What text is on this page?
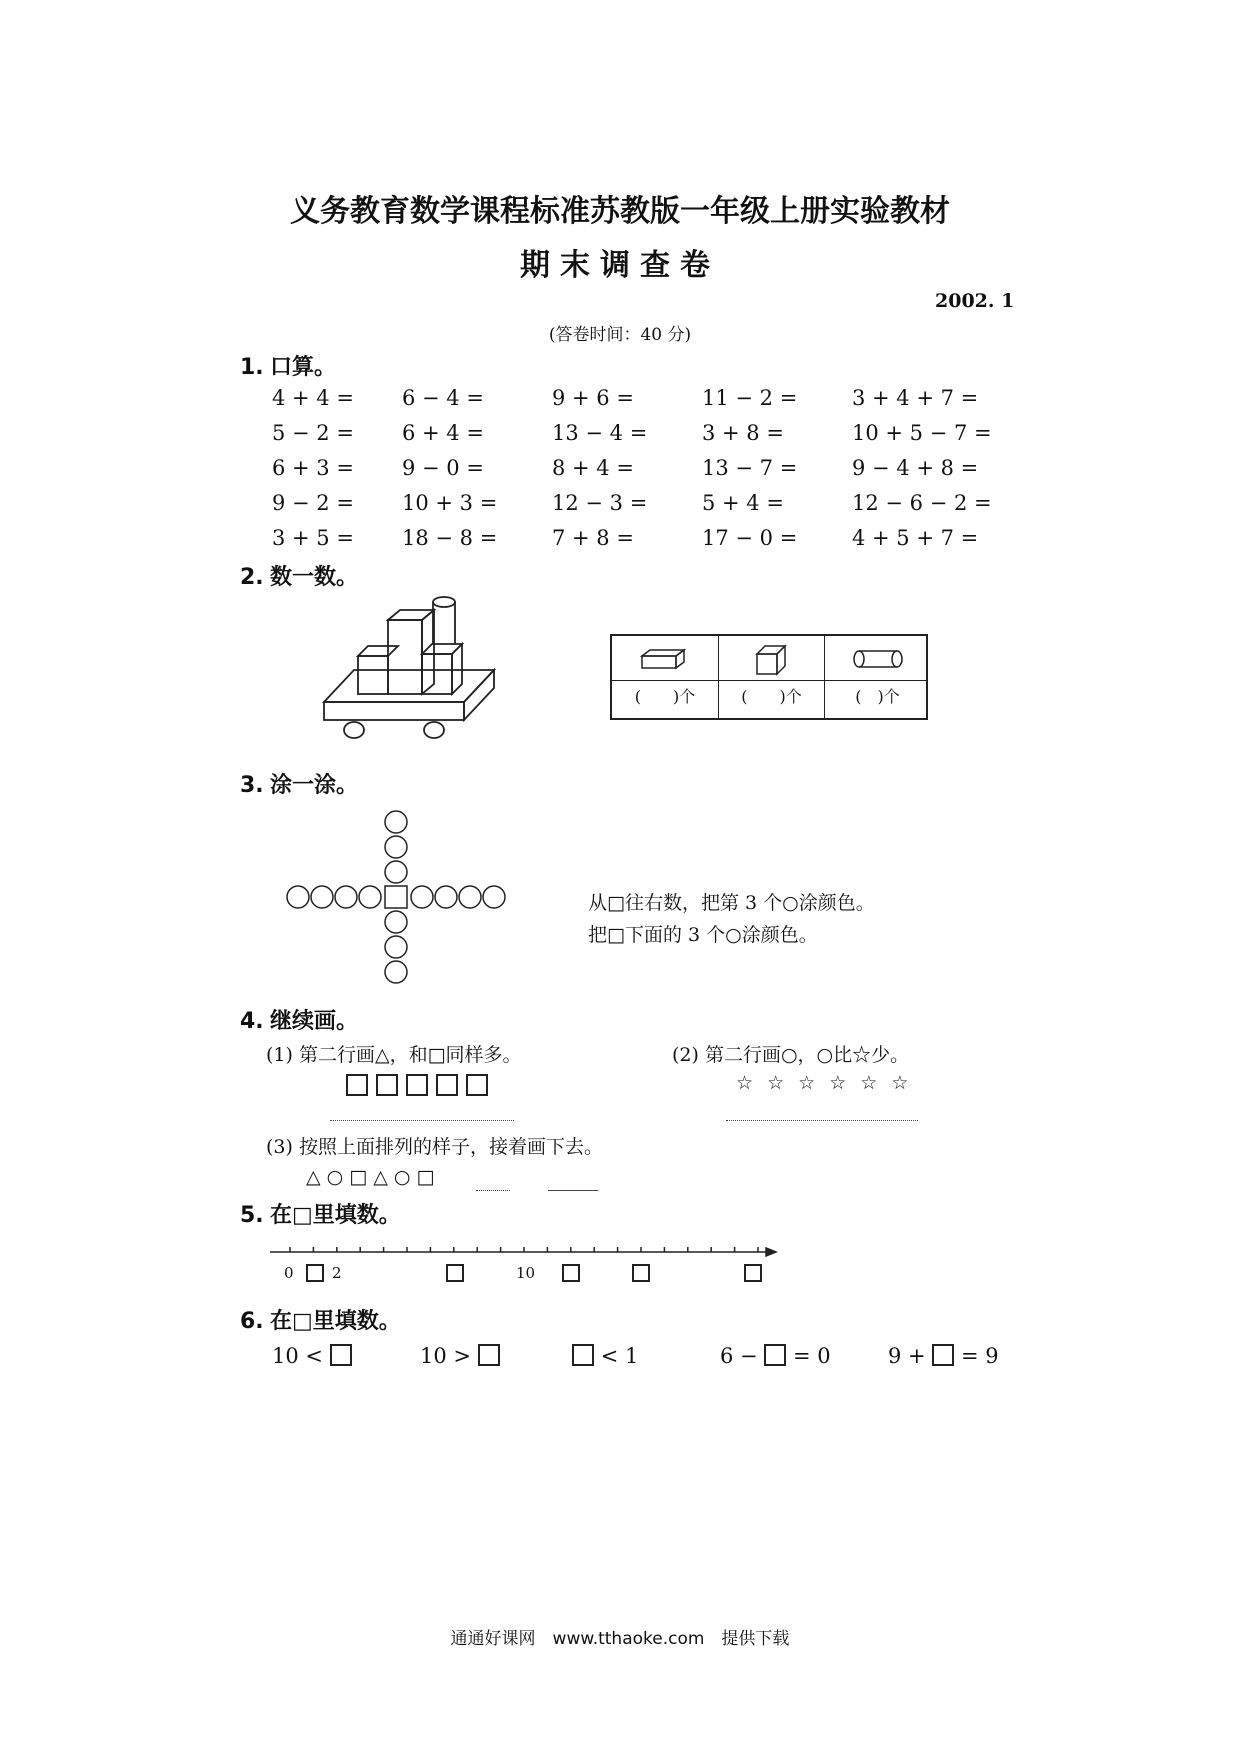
义务教育数学课程标准苏教版一年级上册实验教材
期末调查卷
2002. 1
(答卷时间：40 分)
1. 口算。
4 + 4 = 6 − 4 =	9 + 6 =	11 − 2 =	3 + 4 + 7 =
5 − 2 = 6 + 4 =	13 − 4 =	3 + 8 =	10 + 5 − 7 =
6 + 3 = 9 − 0 =	8 + 4 =	13 − 7 =	9 − 4 + 8 =
9 − 2 = 10 + 3 =	12 − 3 =	5 + 4 =	12 − 6 − 2 =
3 + 5 = 18 − 8 =	7 + 8 =	17 − 0 =	4 + 5 + 7 =
2. 数一数。
(　　)个	(　　)个	(　)个
3. 涂一涂。
从□往右数，把第 3 个○涂颜色。
把□下面的 3 个○涂颜色。
4. 继续画。
(1) 第二行画△，和□同样多。	(2) 第二行画○，○比☆少。
☆ ☆ ☆ ☆ ☆ ☆
(3) 按照上面排列的样子，接着画下去。
△ ○ □ △ ○ □
5. 在□里填数。
0	2	10
6. 在□里填数。
10 <	10 >	< 1	6 − = 0	9 + = 9
通通好课网　www.tthaoke.com　提供下载
